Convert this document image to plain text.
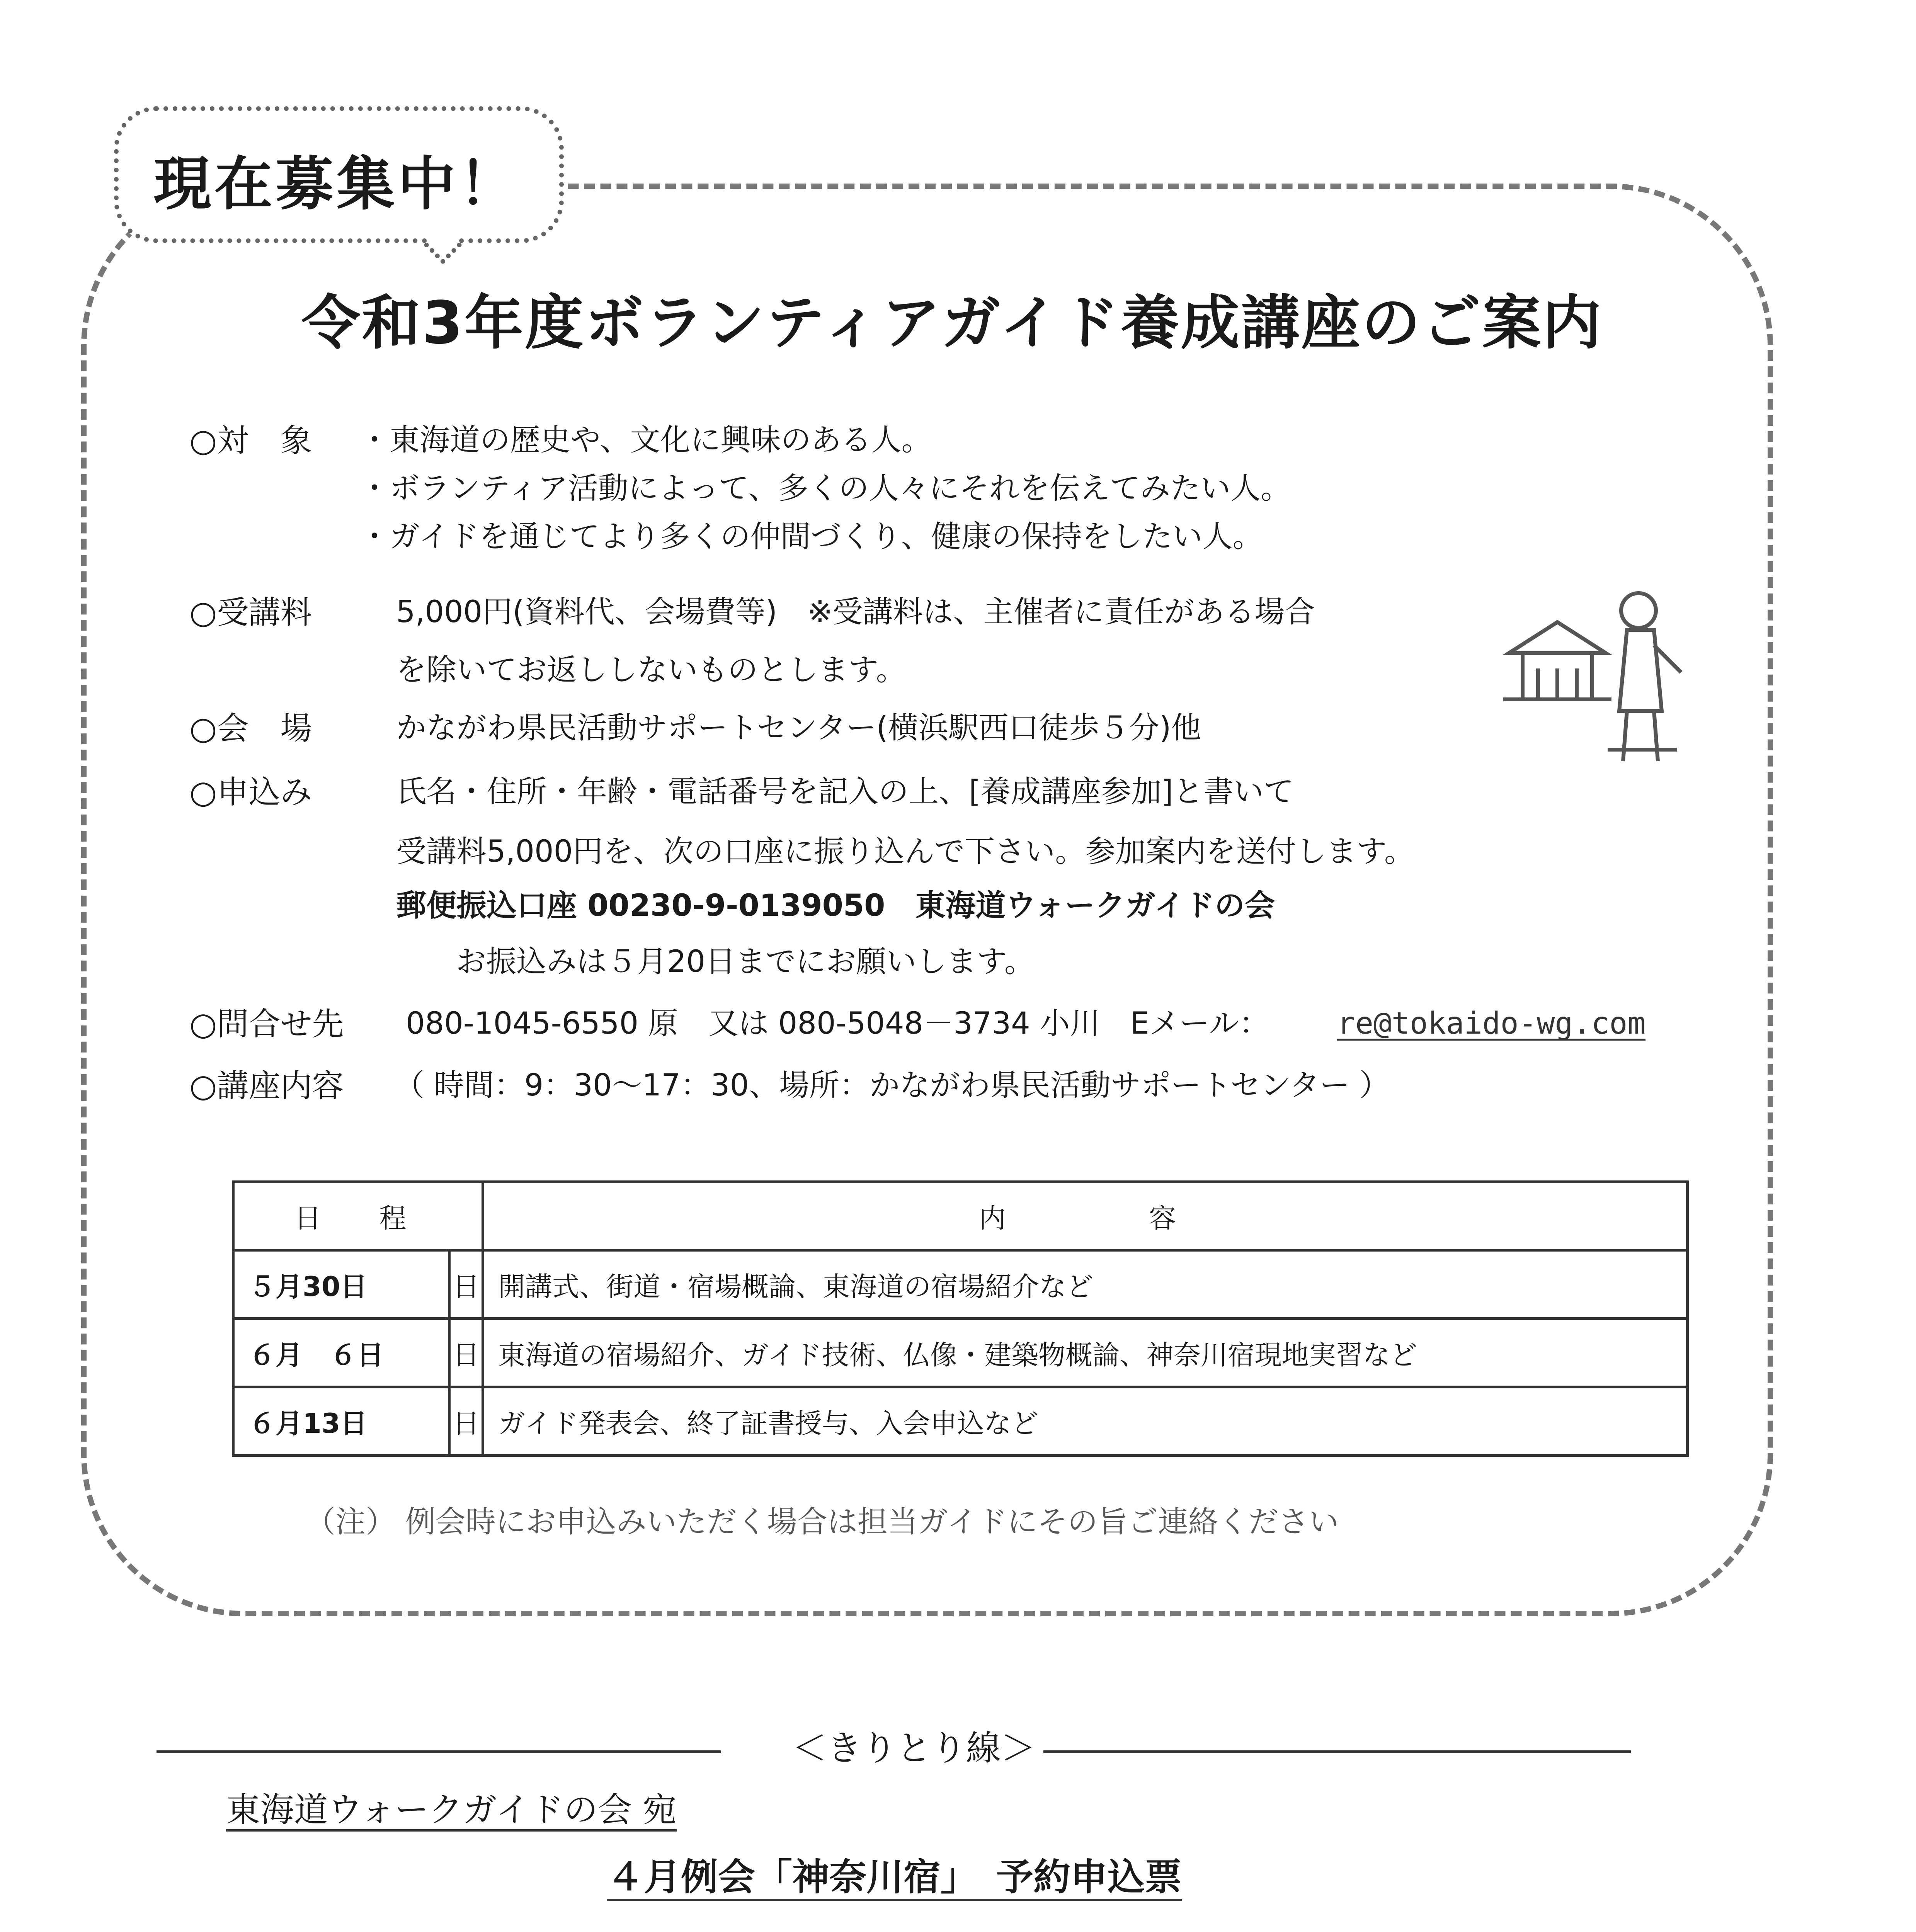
現在募集中！
令和3年度ボランティアガイド養成講座のご案内
○対　象 ・東海道の歴史や、文化に興味のある人。
・ボランティア活動によって、多くの人々にそれを伝えてみたい人。
・ガイドを通じてより多くの仲間づくり、健康の保持をしたい人。
○受講料	5,000円(資料代、会場費等)　※受講料は、主催者に責任がある場合
を除いてお返ししないものとします。
○会　場	かながわ県民活動サポートセンター(横浜駅西口徒歩５分)他
○申込み	氏名・住所・年齢・電話番号を記入の上、[養成講座参加]と書いて
受講料5,000円を、次の口座に振り込んで下さい。参加案内を送付します。
郵便振込口座 00230-9-0139050　東海道ウォークガイドの会
お振込みは５月20日までにお願いします。
○問合せ先 080-1045-6550 原　又は 080-5048－3734 小川　Eメール： re@tokaido-wg.com
○講座内容 （ 時間：9：30～17：30、場所：かながわ県民活動サポートセンター ）
日　程		内　　　容
５月30日	日	開講式、街道・宿場概論、東海道の宿場紹介など
６月　６日	日	東海道の宿場紹介、ガイド技術、仏像・建築物概論、神奈川宿現地実習など
６月13日	日	ガイド発表会、終了証書授与、入会申込など
（注） 例会時にお申込みいただく場合は担当ガイドにその旨ご連絡ください
＜きりとり線＞
東海道ウォークガイドの会 宛
４月例会「神奈川宿」　予約申込票
